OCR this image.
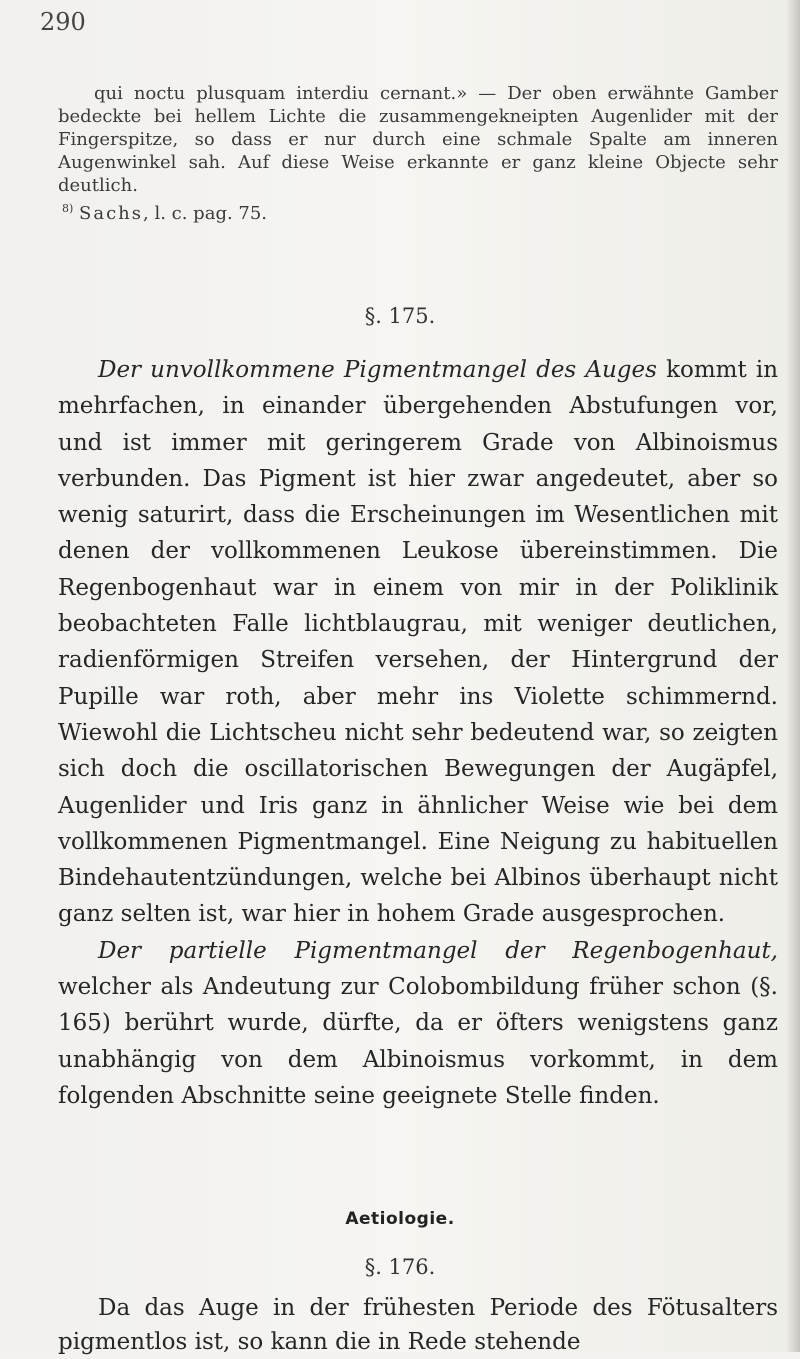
290

qui noctu plusquam interdiu cernant.» — Der oben erwähnte Gamber bedeckte bei hellem Lichte die zusammengekneipten Augenlider mit der Fingerspitze, so dass er nur durch eine schmale Spalte am inneren Augenwinkel sah. Auf diese Weise erkannte er ganz kleine Objecte sehr deutlich.

$^{8)}$ Sachs, l. c. pag. 75.

§. 175.

Der unvollkommene Pigmentmangel des Auges kommt in mehrfachen, in einander übergehenden Abstufungen vor, und ist immer mit geringerem Grade von Albinoismus verbunden. Das Pigment ist hier zwar angedeutet, aber so wenig saturirt, dass die Erscheinungen im Wesentlichen mit denen der vollkommenen Leukose übereinstimmen. Die Regenbogenhaut war in einem von mir in der Poliklinik beobachteten Falle lichtblaugrau, mit weniger deutlichen, radienförmigen Streifen versehen, der Hintergrund der Pupille war roth, aber mehr ins Violette schimmernd. Wiewohl die Lichtscheu nicht sehr bedeutend war, so zeigten sich doch die oscillatorischen Bewegungen der Augäpfel, Augenlider und Iris ganz in ähnlicher Weise wie bei dem vollkommenen Pigmentmangel. Eine Neigung zu habituellen Bindehautentzündungen, welche bei Albinos überhaupt nicht ganz selten ist, war hier in hohem Grade ausgesprochen.

Der partielle Pigmentmangel der Regenbogenhaut, welcher als Andeutung zur Colobombildung früher schon (§. 165) berührt wurde, dürfte, da er öfters wenigstens ganz unabhängig von dem Albinoismus vorkommt, in dem folgenden Abschnitte seine geeignete Stelle finden.

Aetiologie.
§. 176.

Da das Auge in der frühesten Periode des Fötusalters pigmentlos ist, so kann die in Rede stehende
